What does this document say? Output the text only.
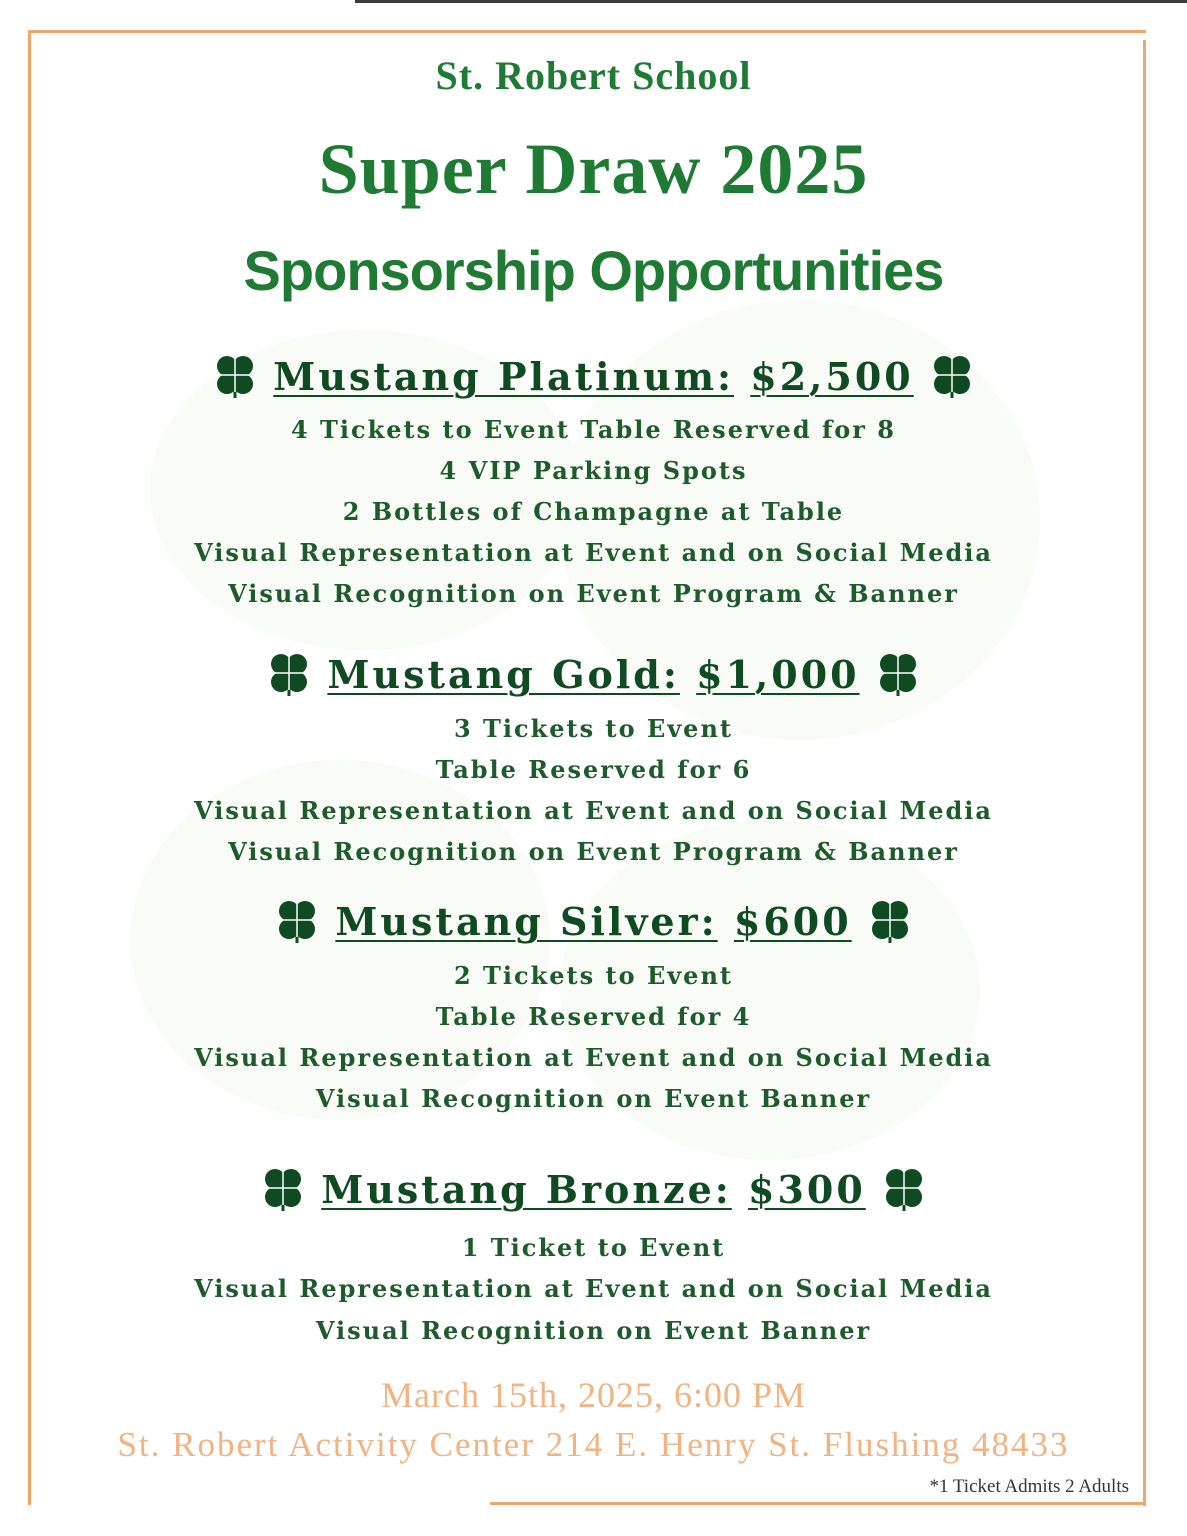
St. Robert School
Super Draw 2025
Sponsorship Opportunities
Mustang Platinum: $2,500
4 Tickets to Event Table Reserved for 8
4 VIP Parking Spots
2 Bottles of Champagne at Table
Visual Representation at Event and on Social Media
Visual Recognition on Event Program & Banner
Mustang Gold: $1,000
3 Tickets to Event
Table Reserved for 6
Visual Representation at Event and on Social Media
Visual Recognition on Event Program & Banner
Mustang Silver: $600
2 Tickets to Event
Table Reserved for 4
Visual Representation at Event and on Social Media
Visual Recognition on Event Banner
Mustang Bronze: $300
1 Ticket to Event
Visual Representation at Event and on Social Media
Visual Recognition on Event Banner
March 15th, 2025, 6:00 PM
St. Robert Activity Center 214 E. Henry St. Flushing 48433
*1 Ticket Admits 2 Adults
